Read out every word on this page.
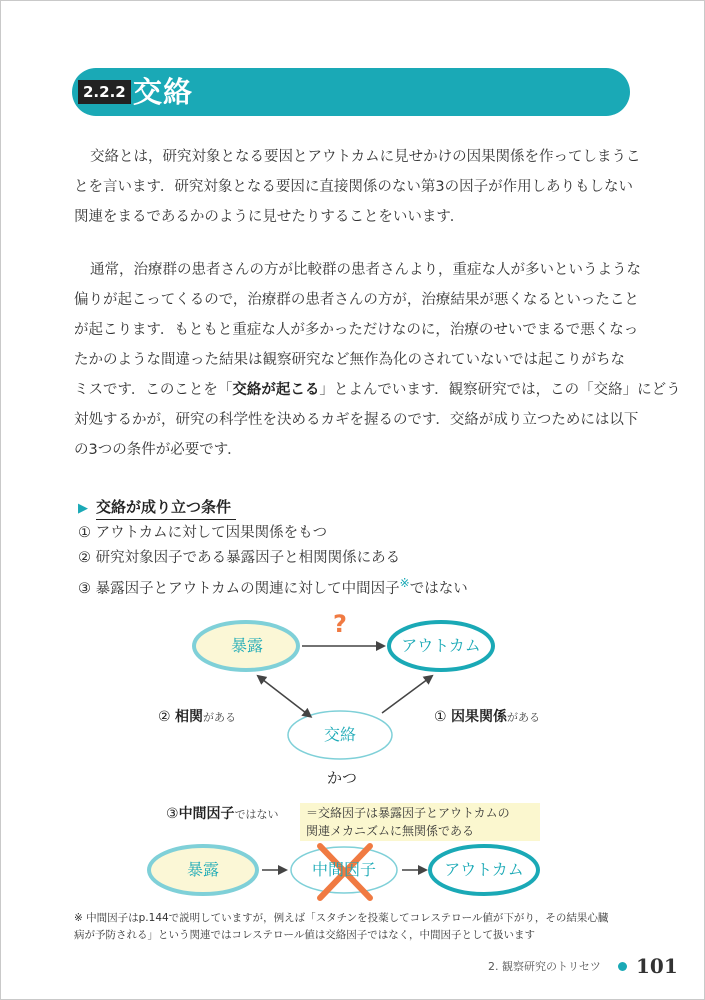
2.2.2 交絡

交絡とは，研究対象となる要因とアウトカムに見せかけの因果関係を作ってしまうこ
とを言います．研究対象となる要因に直接関係のない第3の因子が作用しありもしない
関連をまるであるかのように見せたりすることをいいます．

通常，治療群の患者さんの方が比較群の患者さんより，重症な人が多いというような
偏りが起こってくるので，治療群の患者さんの方が，治療結果が悪くなるといったこと
が起こります．もともと重症な人が多かっただけなのに，治療のせいでまるで悪くなっ
たかのような間違った結果は観察研究など無作為化のされていないでは起こりがちな
ミスです．このことを「交絡が起こる」とよんでいます．観察研究では，この「交絡」にどう
対処するかが，研究の科学性を決めるカギを握るのです．交絡が成り立つためには以下
の3つの条件が必要です．

▶ 交絡が成り立つ条件
① アウトカムに対して因果関係をもつ
② 研究対象因子である暴露因子と相関関係にある
③ 暴露因子とアウトカムの関連に対して中間因子※ではない
暴露	アウトカム
?
交絡
② 相関がある	① 因果関係がある
かつ
③中間因子ではない ＝交絡因子は暴露因子とアウトカムの
関連メカニズムに無関係である
暴露	中間因子	アウトカム
※ 中間因子はp.144で説明していますが，例えば「スタチンを投薬してコレステロール値が下がり，その結果心臓
病が予防される」という関連ではコレステロール値は交絡因子ではなく，中間因子として扱います
2. 観察研究のトリセツ 101
